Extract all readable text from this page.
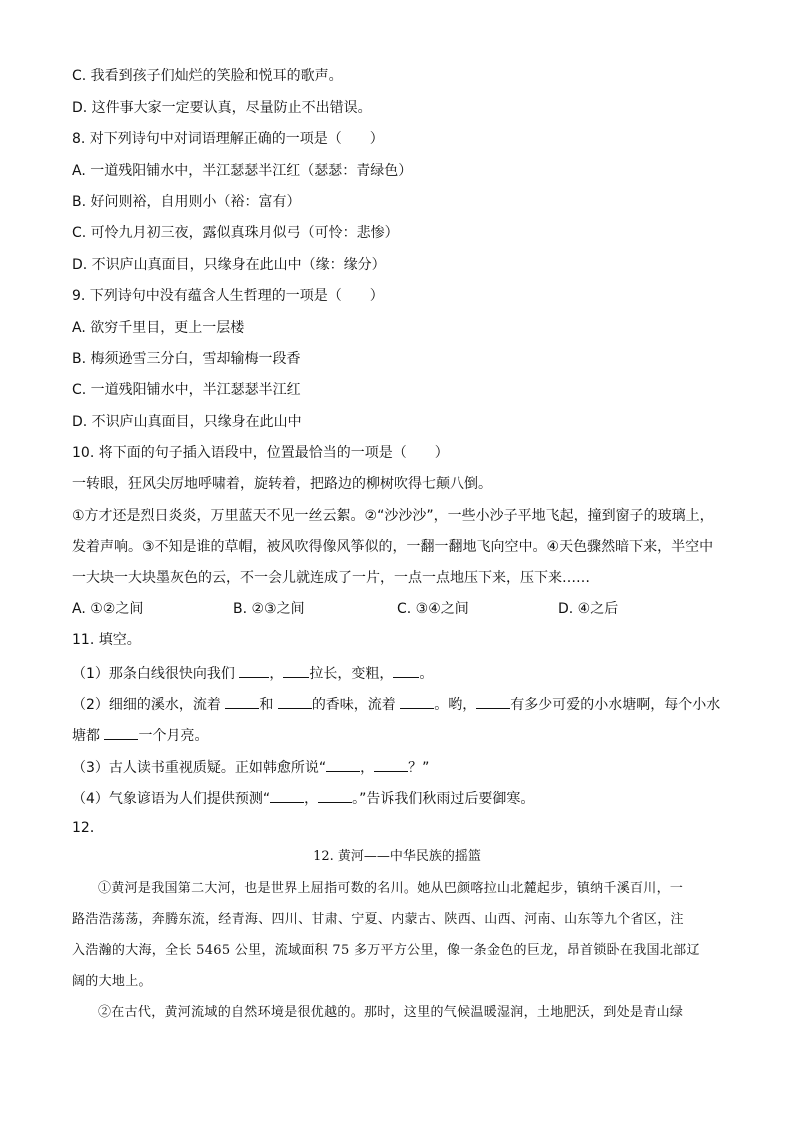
C. 我看到孩子们灿烂的笑脸和悦耳的歌声。
D. 这件事大家一定要认真，尽量防止不出错误。
8. 对下列诗句中对词语理解正确的一项是（　　）
A. 一道残阳铺水中，半江瑟瑟半江红（瑟瑟：青绿色）
B. 好问则裕，自用则小（裕：富有）
C. 可怜九月初三夜，露似真珠月似弓（可怜：悲惨）
D. 不识庐山真面目，只缘身在此山中（缘：缘分）
9. 下列诗句中没有蕴含人生哲理的一项是（　　）
A. 欲穷千里目，更上一层楼
B. 梅须逊雪三分白，雪却输梅一段香
C. 一道残阳铺水中，半江瑟瑟半江红
D. 不识庐山真面目，只缘身在此山中
10. 将下面的句子插入语段中，位置最恰当的一项是（　　）
一转眼，狂风尖厉地呼啸着，旋转着，把路边的柳树吹得七颠八倒。
①方才还是烈日炎炎，万里蓝天不见一丝云絮。②“沙沙沙”，一些小沙子平地飞起，撞到窗子的玻璃上，
发着声响。③不知是谁的草帽，被风吹得像风筝似的，一翻一翻地飞向空中。④天色骤然暗下来，半空中
一大块一大块墨灰色的云，不一会儿就连成了一片，一点一点地压下来，压下来……
A. ①②之间	B. ②③之间	C. ③④之间	D. ④之后
11. 填空。
（1）那条白线很快向我们 ， 拉长，变粗， 。
（2）细细的溪水，流着 和 的香味，流着 。哟， 有多少可爱的小水塘啊，每个小水
塘都 一个月亮。
（3）古人读书重视质疑。正如韩愈所说“ ， ？”
（4）气象谚语为人们提供预测“ ， 。”告诉我们秋雨过后要御寒。
12．
12. 黄河——中华民族的摇篮
①黄河是我国第二大河，也是世界上屈指可数的名川。她从巴颜喀拉山北麓起步，镇纳千溪百川，一
路浩浩荡荡，奔腾东流，经青海、四川、甘肃、宁夏、内蒙古、陕西、山西、河南、山东等九个省区，注
入浩瀚的大海，全长 5465 公里，流域面积 75 多万平方公里，像一条金色的巨龙，昂首锁卧在我国北部辽
阔的大地上。
②在古代，黄河流域的自然环境是很优越的。那时，这里的气候温暖湿润，土地肥沃，到处是青山绿
